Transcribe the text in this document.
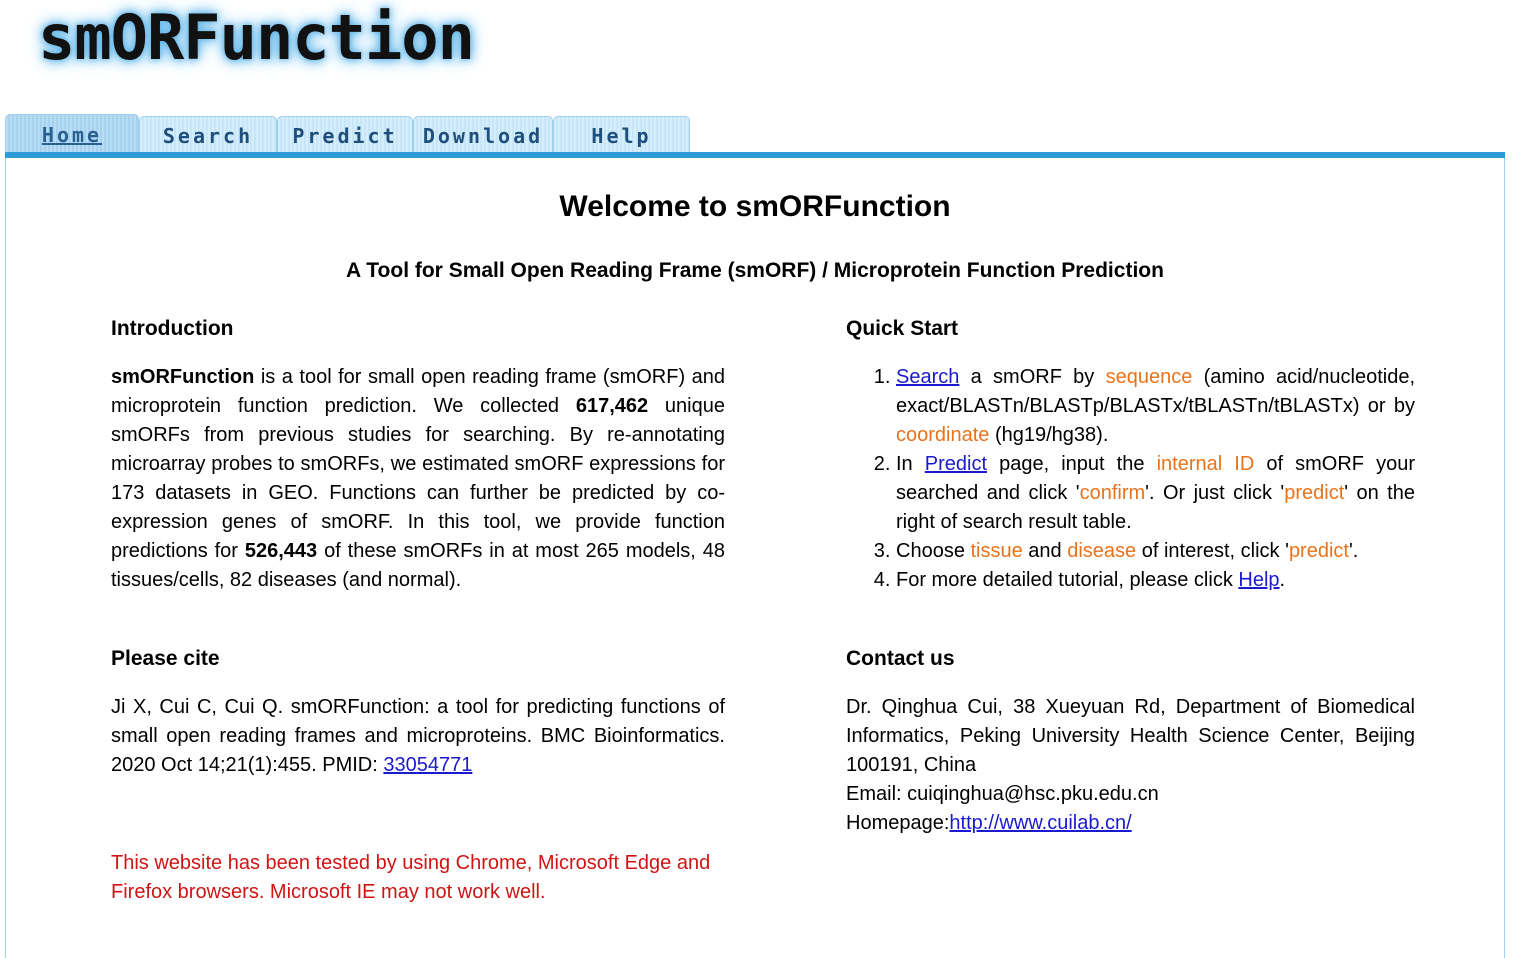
smORFunction
Home	Search	Predict	Download	Help
Welcome to smORFunction
A Tool for Small Open Reading Frame (smORF) / Microprotein Function Prediction
Introduction

smORFunction is a tool for small open reading frame (smORF) and microprotein function prediction. We collected 617,462 unique smORFs from previous studies for searching. By re-annotating microarray probes to smORFs, we estimated smORF expressions for 173 datasets in GEO. Functions can further be predicted by co-expression genes of smORF. In this tool, we provide function predictions for 526,443 of these smORFs in at most 265 models, 48 tissues/cells, 82 diseases (and normal).

Please cite

Ji X, Cui C, Cui Q. smORFunction: a tool for predicting functions of small open reading frames and microproteins. BMC Bioinformatics. 2020 Oct 14;21(1):455. PMID: 33054771

This website has been tested by using Chrome, Microsoft Edge and Firefox browsers. Microsoft IE may not work well.
Quick Start
1. Search a smORF by sequence (amino acid/nucleotide, exact/BLASTn/BLASTp/BLASTx/tBLASTn/tBLASTx) or by coordinate (hg19/hg38).
2. In Predict page, input the internal ID of smORF your searched and click 'confirm'. Or just click 'predict' on the right of search result table.
3. Choose tissue and disease of interest, click 'predict'.
4. For more detailed tutorial, please click Help.
Contact us

Dr. Qinghua Cui, 38 Xueyuan Rd, Department of Biomedical Informatics, Peking University Health Science Center, Beijing 100191, China

Email: cuiqinghua@hsc.pku.edu.cn
Homepage:http://www.cuilab.cn/
